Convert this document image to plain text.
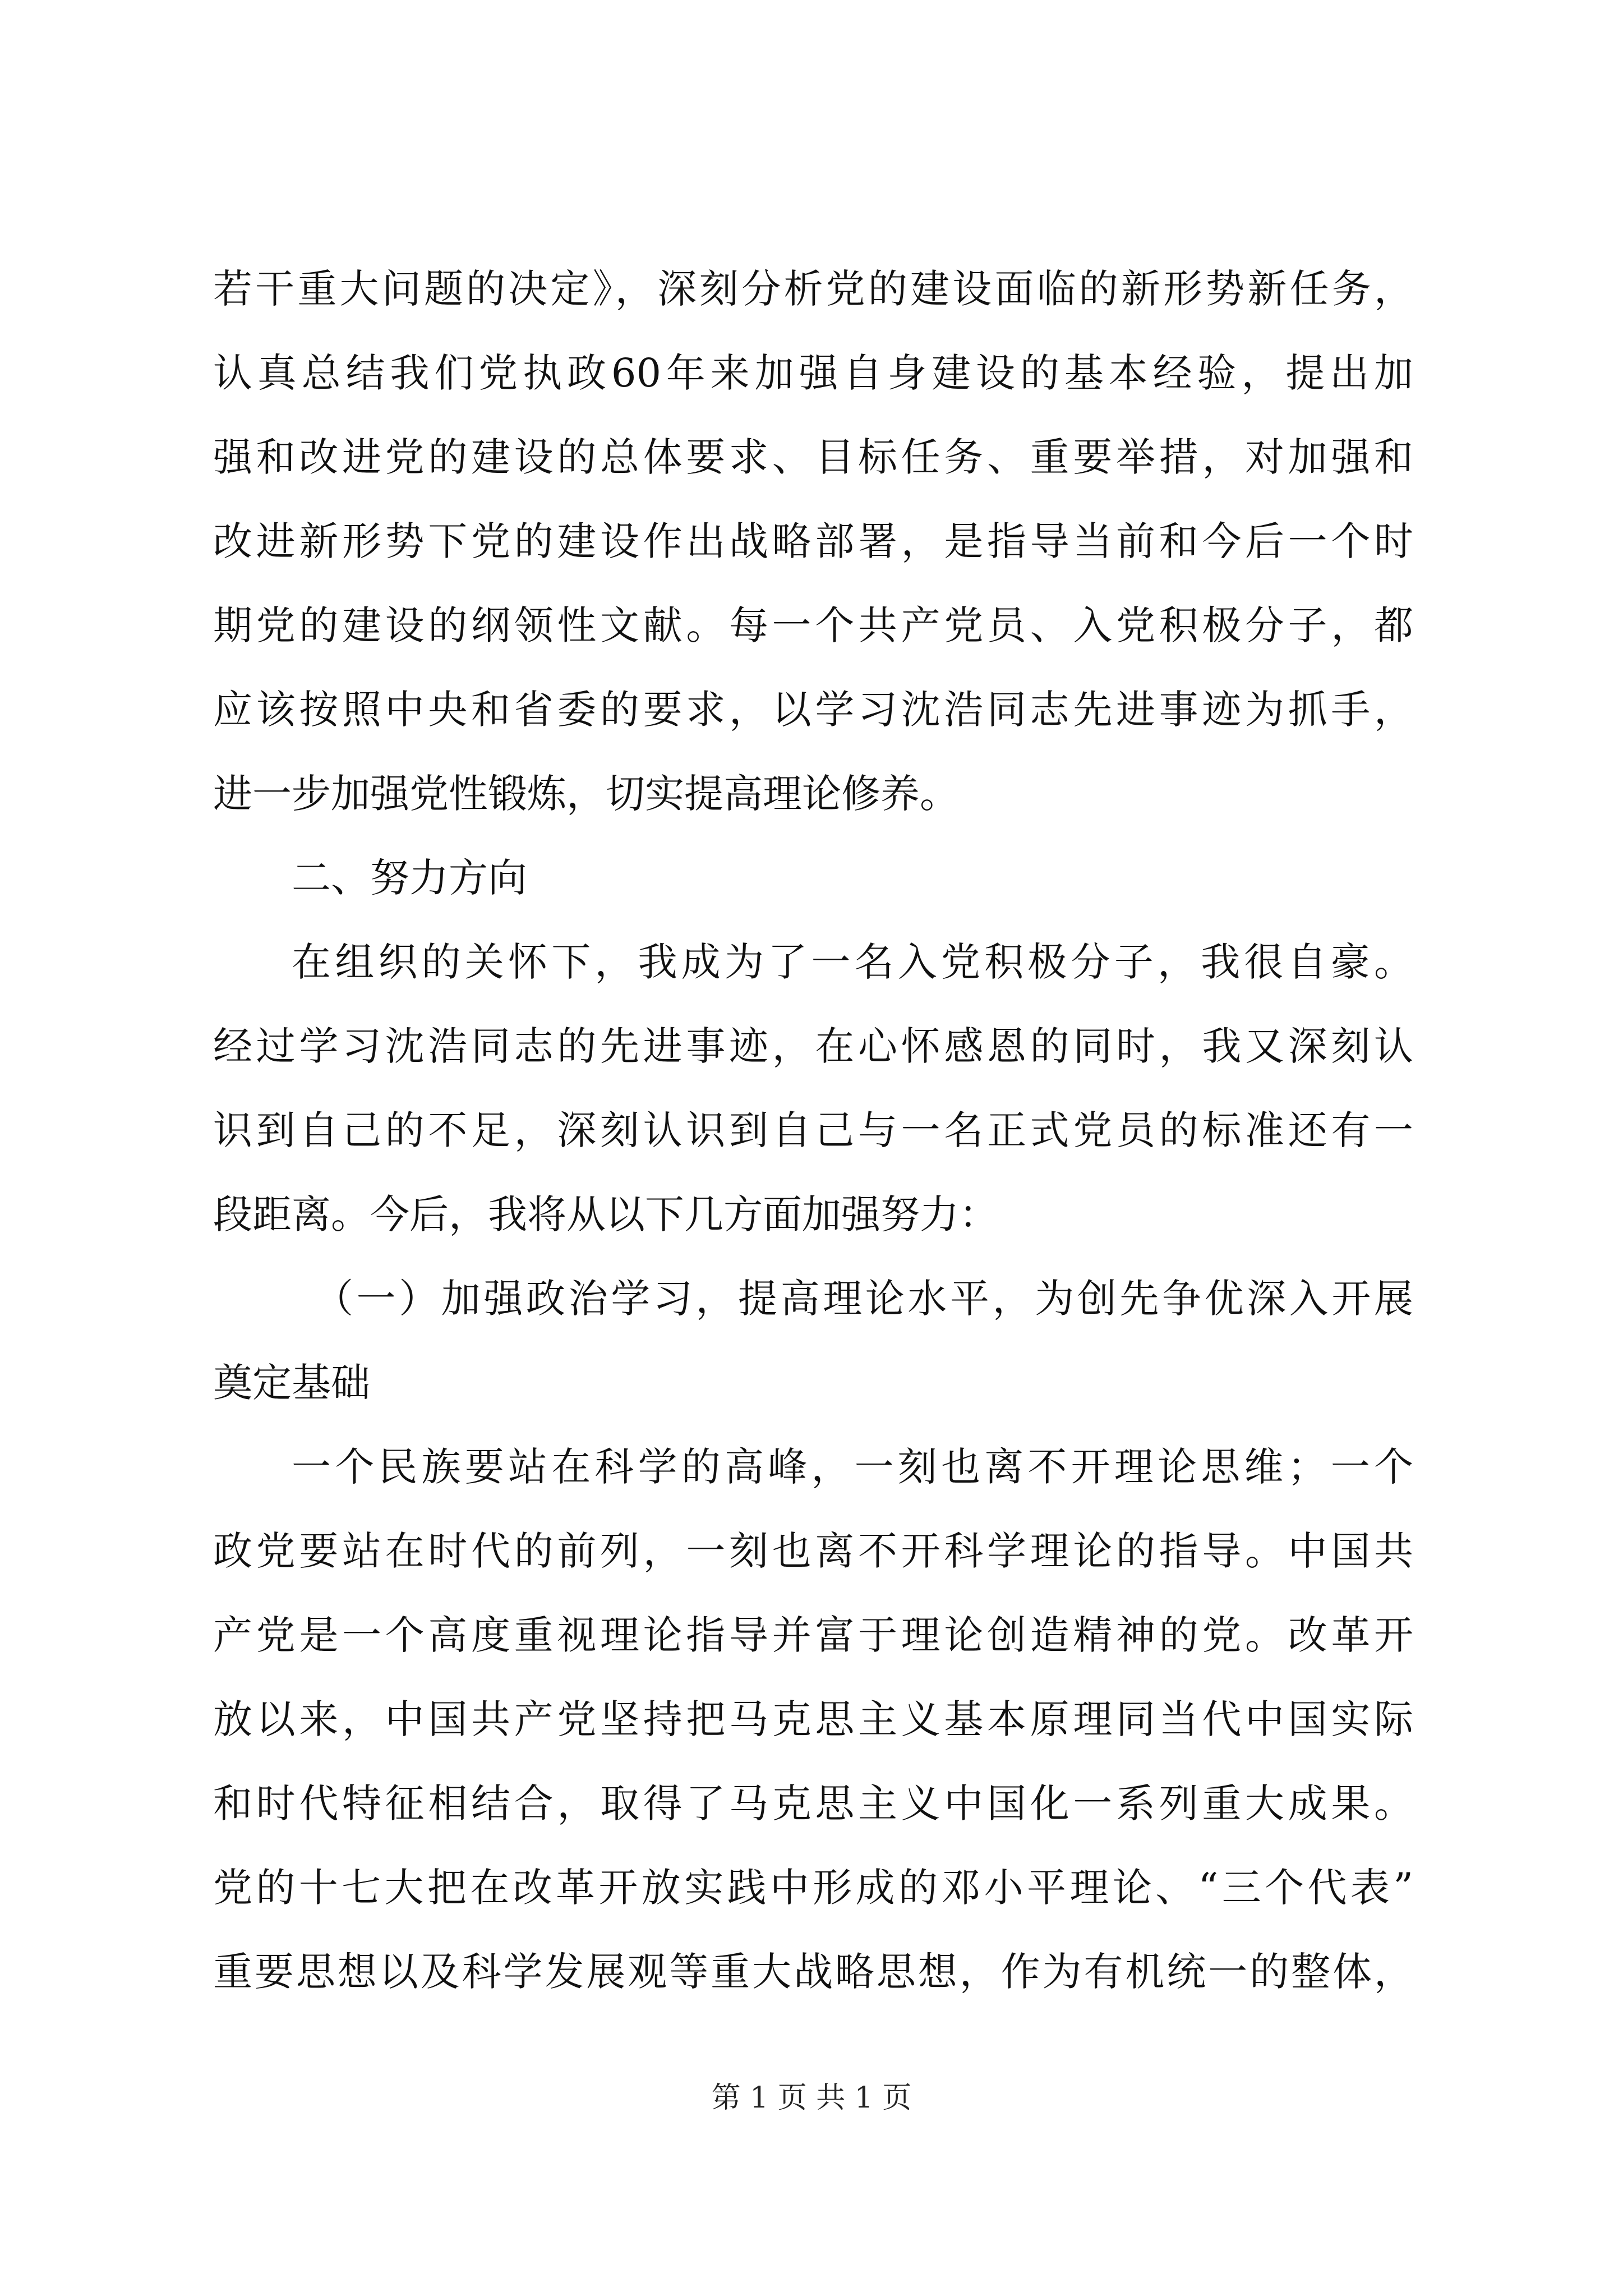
若干重大问题的决定》，深刻分析党的建设面临的新形势新任务，
认真总结我们党执政60年来加强自身建设的基本经验，提出加
强和改进党的建设的总体要求、目标任务、重要举措，对加强和
改进新形势下党的建设作出战略部署，是指导当前和今后一个时
期党的建设的纲领性文献。每一个共产党员、入党积极分子，都
应该按照中央和省委的要求，以学习沈浩同志先进事迹为抓手，
进一步加强党性锻炼，切实提高理论修养。
二、努力方向
在组织的关怀下，我成为了一名入党积极分子，我很自豪。
经过学习沈浩同志的先进事迹，在心怀感恩的同时，我又深刻认
识到自己的不足，深刻认识到自己与一名正式党员的标准还有一
段距离。今后，我将从以下几方面加强努力：
（一）加强政治学习，提高理论水平，为创先争优深入开展
奠定基础
一个民族要站在科学的高峰，一刻也离不开理论思维；一个
政党要站在时代的前列，一刻也离不开科学理论的指导。中国共
产党是一个高度重视理论指导并富于理论创造精神的党。改革开
放以来，中国共产党坚持把马克思主义基本原理同当代中国实际
和时代特征相结合，取得了马克思主义中国化一系列重大成果。
党的十七大把在改革开放实践中形成的邓小平理论、“三个代表”
重要思想以及科学发展观等重大战略思想，作为有机统一的整体，
第 1 页 共 1 页
